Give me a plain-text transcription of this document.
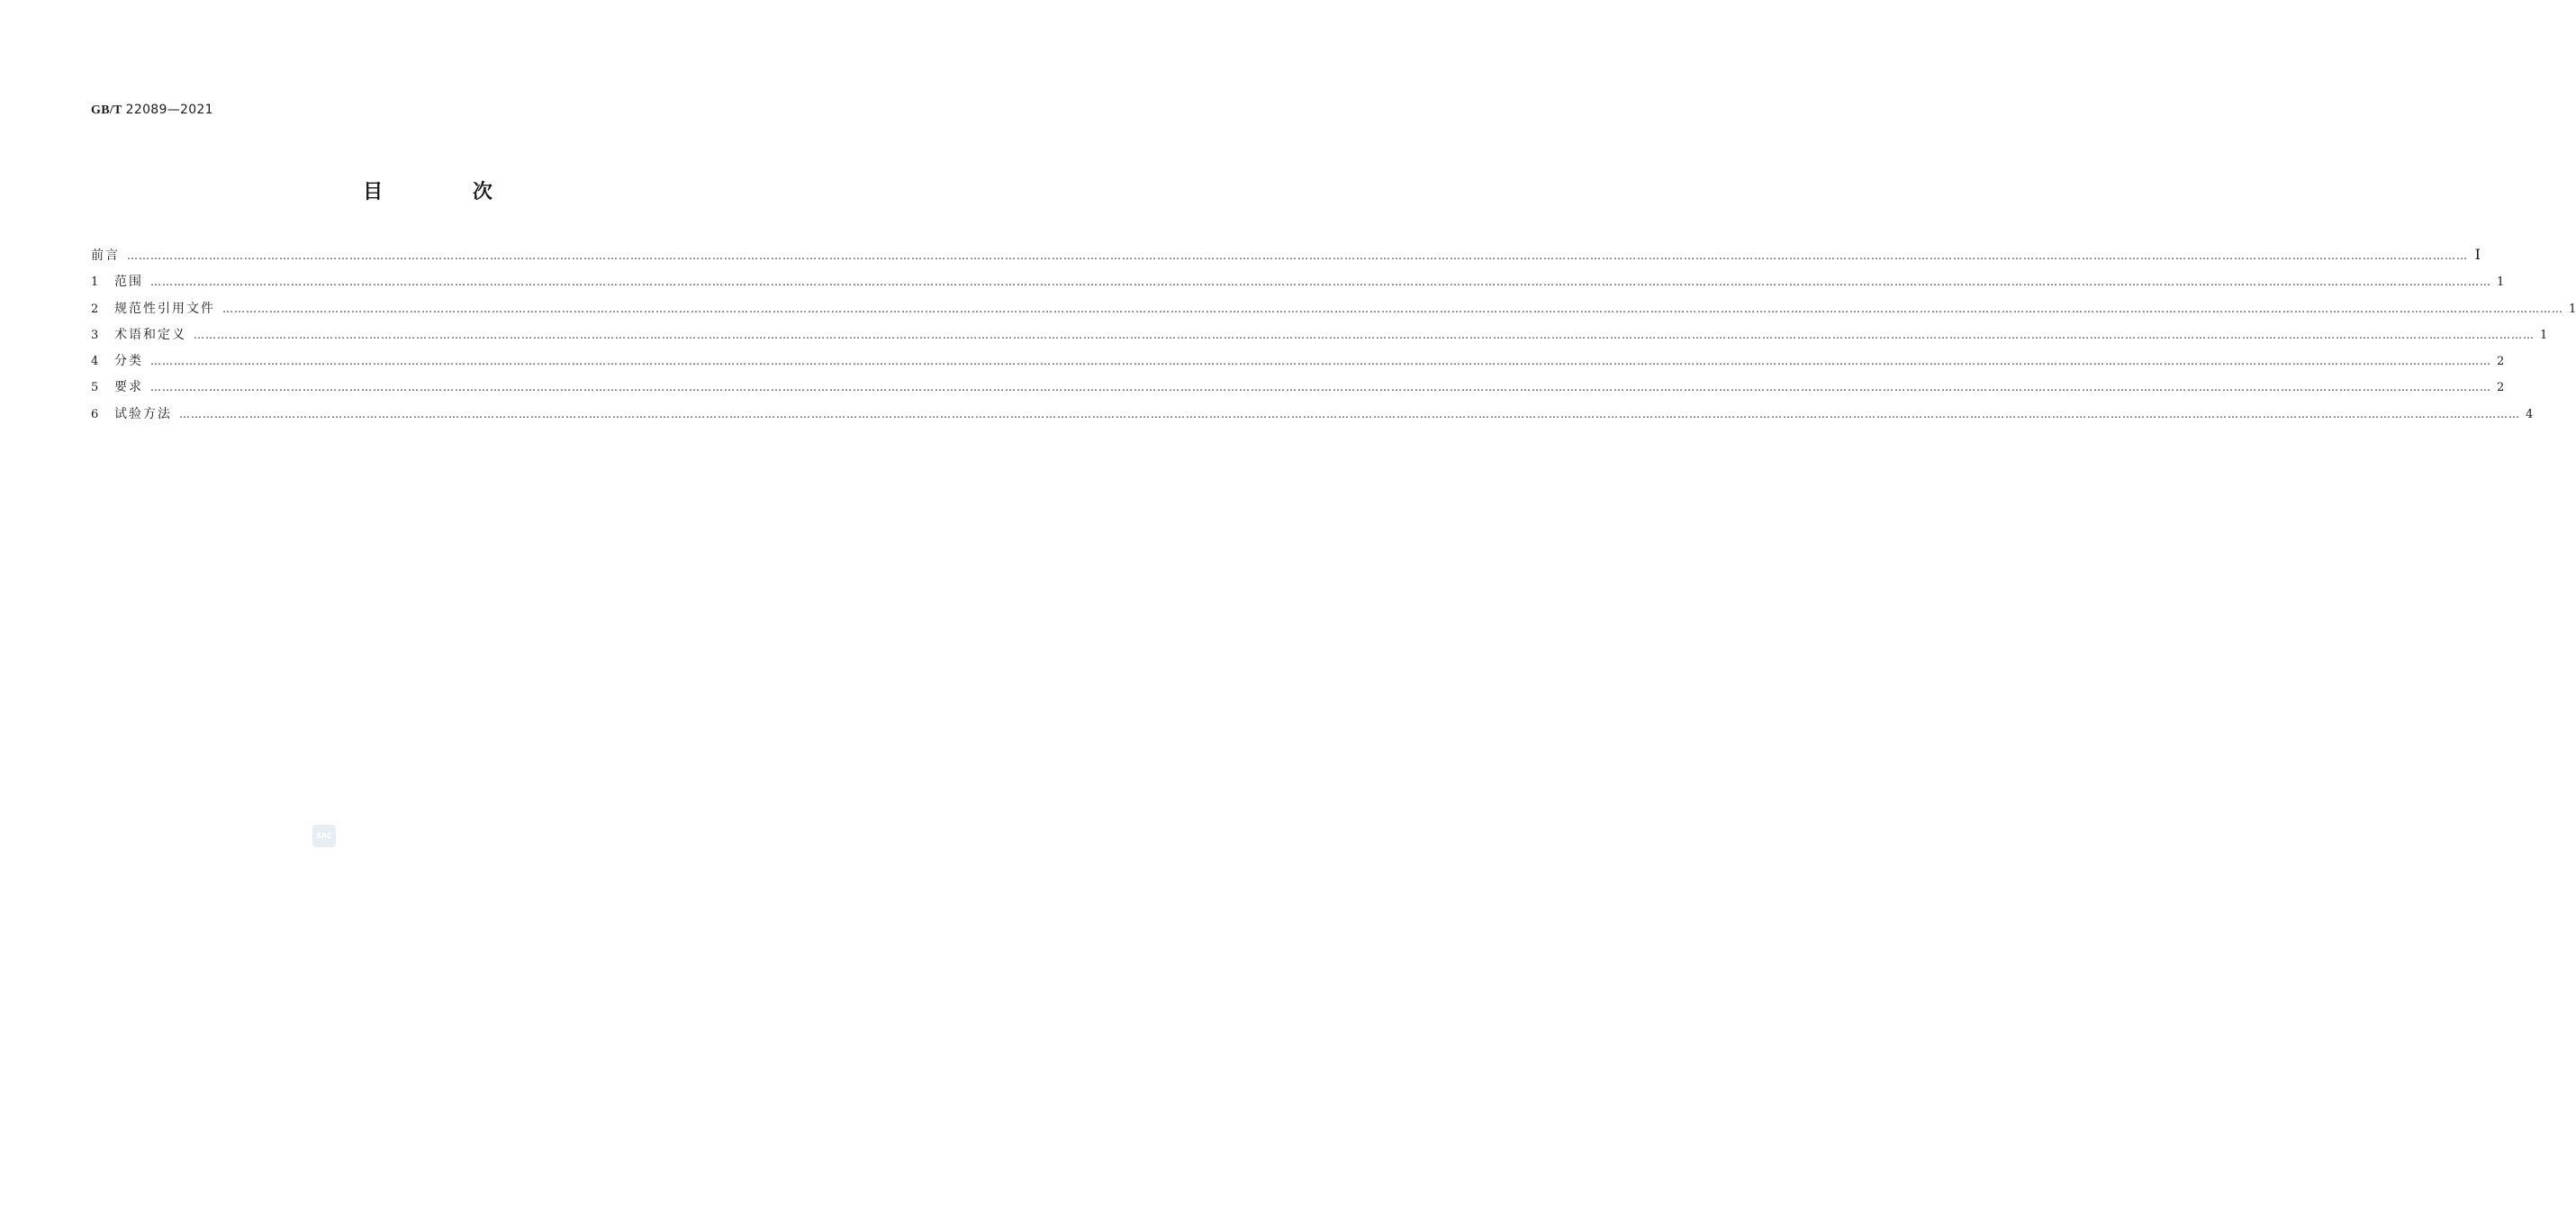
GB/T 22089—2021
目 次
前言 …………………………………………………………………………………………………………………………………………………………………………………………………………………………………………………………………………………………………………………………………………………………………………………………………………………………………………………………………………………………………………………………………………………… Ⅰ
1	范围 …………………………………………………………………………………………………………………………………………………………………………………………………………………………………………………………………………………………………………………………………………………………………………………………………………………………………………………………………………………………………………………………………………………… 1
2	规范性引用文件 …………………………………………………………………………………………………………………………………………………………………………………………………………………………………………………………………………………………………………………………………………………………………………………………………………………………………………………………………………………………………………………………………………………… 1
3	术语和定义 …………………………………………………………………………………………………………………………………………………………………………………………………………………………………………………………………………………………………………………………………………………………………………………………………………………………………………………………………………………………………………………………………………………… 1
4	分类 …………………………………………………………………………………………………………………………………………………………………………………………………………………………………………………………………………………………………………………………………………………………………………………………………………………………………………………………………………………………………………………………………………………… 2
5	要求 …………………………………………………………………………………………………………………………………………………………………………………………………………………………………………………………………………………………………………………………………………………………………………………………………………………………………………………………………………………………………………………………………………………… 2
6	试验方法 …………………………………………………………………………………………………………………………………………………………………………………………………………………………………………………………………………………………………………………………………………………………………………………………………………………………………………………………………………………………………………………………………………………… 4
SAC
